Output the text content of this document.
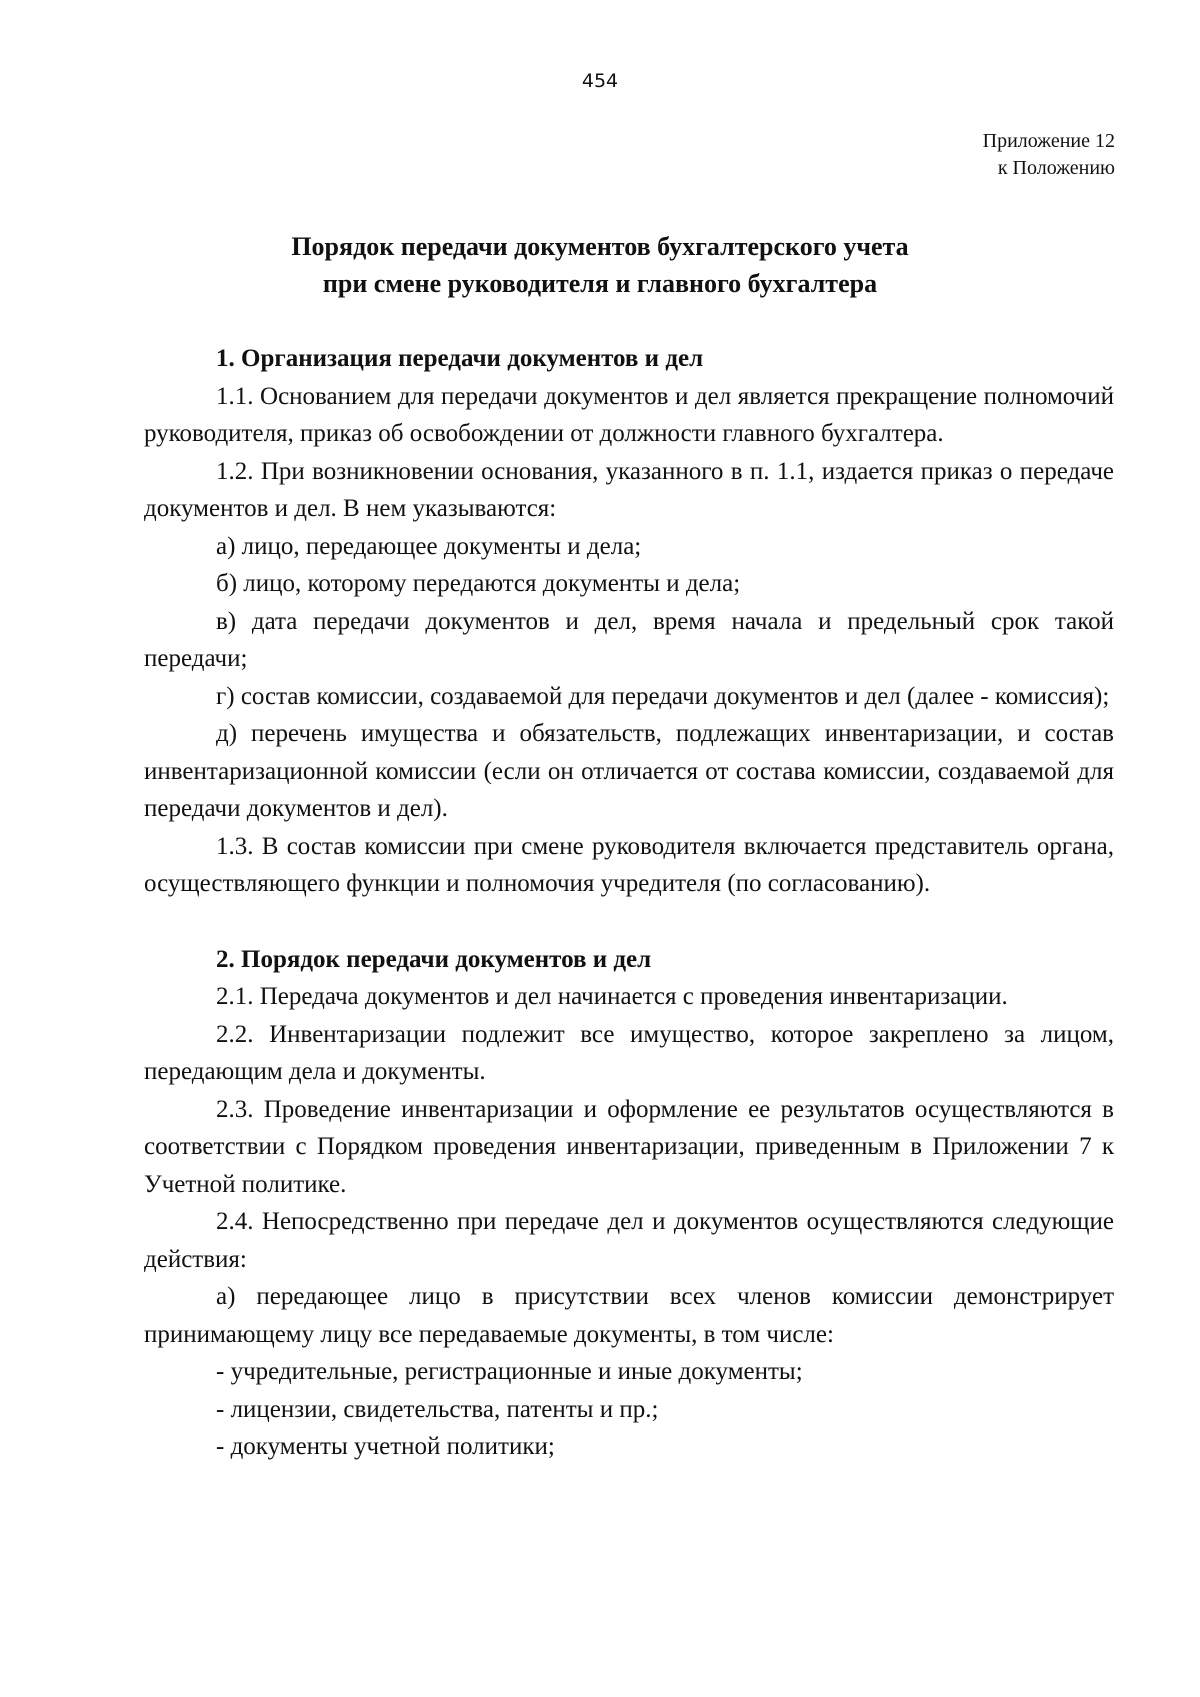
454
Приложение 12
к Положению
Порядок передачи документов бухгалтерского учета
при смене руководителя и главного бухгалтера
1. Организация передачи документов и дел

1.1. Основанием для передачи документов и дел является прекращение полномочий руководителя, приказ об освобождении от должности главного бухгалтера.

1.2. При возникновении основания, указанного в п. 1.1, издается приказ о передаче документов и дел. В нем указываются:

а) лицо, передающее документы и дела;

б) лицо, которому передаются документы и дела;

в) дата передачи документов и дел, время начала и предельный срок такой передачи;

г) состав комиссии, создаваемой для передачи документов и дел (далее - комиссия);

д) перечень имущества и обязательств, подлежащих инвентаризации, и состав инвентаризационной комиссии (если он отличается от состава комиссии, создаваемой для передачи документов и дел).

1.3. В состав комиссии при смене руководителя включается представитель органа, осуществляющего функции и полномочия учредителя (по согласованию).

2. Порядок передачи документов и дел

2.1. Передача документов и дел начинается с проведения инвентаризации.

2.2. Инвентаризации подлежит все имущество, которое закреплено за лицом, передающим дела и документы.

2.3. Проведение инвентаризации и оформление ее результатов осуществляются в соответствии с Порядком проведения инвентаризации, приведенным в Приложении 7 к Учетной политике.

2.4. Непосредственно при передаче дел и документов осуществляются следующие действия:

а) передающее лицо в присутствии всех членов комиссии демонстрирует принимающему лицу все передаваемые документы, в том числе:

- учредительные, регистрационные и иные документы;

- лицензии, свидетельства, патенты и пр.;

- документы учетной политики;
